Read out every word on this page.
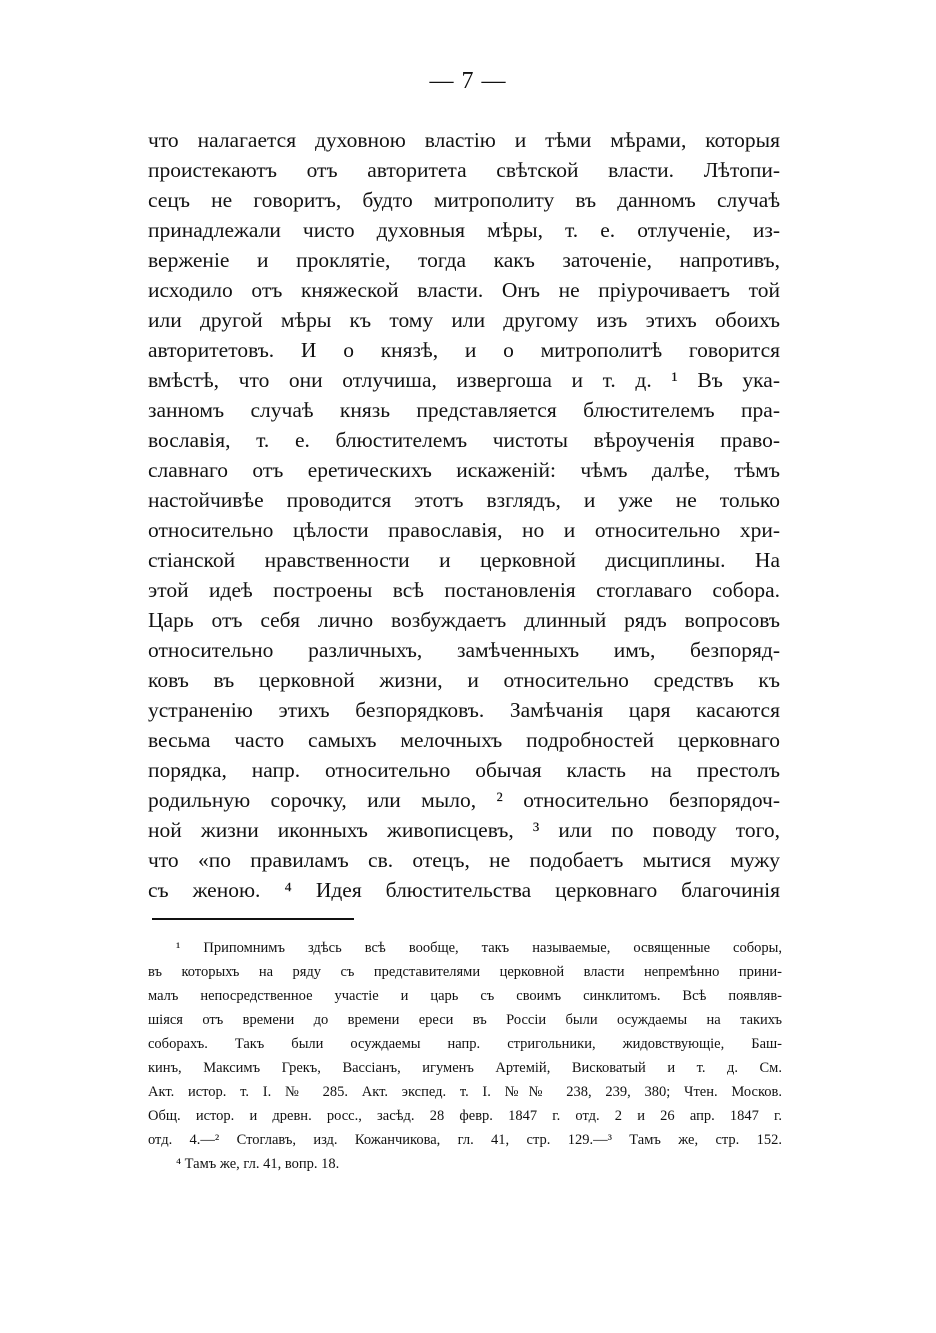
— 7 —
что налагается духовною властію и тѣми мѣрами, которыя
проистекаютъ отъ авторитета свѣтской власти. Лѣтопи-
сецъ не говоритъ, будто митрополиту въ данномъ случаѣ
принадлежали чисто духовныя мѣры, т. е. отлученіе, из-
верженіе и проклятіе, тогда какъ заточеніе, напротивъ,
исходило отъ княжеской власти. Онъ не пріурочиваетъ той
или другой мѣры къ тому или другому изъ этихъ обоихъ
авторитетовъ. И о князѣ, и о митрополитѣ говорится
вмѣстѣ, что они отлучиша, извергоша и т. д. ¹ Въ ука-
занномъ случаѣ князь представляется блюстителемъ пра-
вославія, т. е. блюстителемъ чистоты вѣроученія право-
славнаго отъ еретическихъ искаженій: чѣмъ далѣе, тѣмъ
настойчивѣе проводится этотъ взглядъ, и уже не только
относительно цѣлости православія, но и относительно хри-
стіанской нравственности и церковной дисциплины. На
этой идеѣ построены всѣ постановленія стоглаваго собора.
Царь отъ себя лично возбуждаетъ длинный рядъ вопросовъ
относительно различныхъ, замѣченныхъ имъ, безпоряд-
ковъ въ церковной жизни, и относительно средствъ къ
устраненію этихъ безпорядковъ. Замѣчанія царя касаются
весьма часто самыхъ мелочныхъ подробностей церковнаго
порядка, напр. относительно обычая класть на престолъ
родильную сорочку, или мыло, ² относительно безпорядоч-
ной жизни иконныхъ живописцевъ, ³ или по поводу того,
что «по правиламъ св. отецъ, не подобаетъ мытися мужу
съ женою. ⁴ Идея блюстительства церковнаго благочинія
¹ Припомнимъ здѣсь всѣ вообще, такъ называемые, освященные соборы,
въ которыхъ на ряду съ представителями церковной власти непремѣнно прини-
малъ непосредственное участіе и царь съ своимъ синклитомъ. Всѣ появляв-
шіяся отъ времени до времени ереси въ Россіи были осуждаемы на такихъ
соборахъ. Такъ были осуждаемы напр. стригольники, жидовствующіе, Баш-
кинъ, Максимъ Грекъ, Вассіанъ, игуменъ Артемій, Висковатый и т. д. См.
Акт. истор. т. I. № 285. Акт. экспед. т. I. №№ 238, 239, 380; Чтен. Москов.
Общ. истор. и древн. росс., засѣд. 28 февр. 1847 г. отд. 2 и 26 апр. 1847 г.
отд. 4.—² Стоглавъ, изд. Кожанчикова, гл. 41, стр. 129.—³ Тамъ же, стр. 152.
⁴ Тамъ же, гл. 41, вопр. 18.
